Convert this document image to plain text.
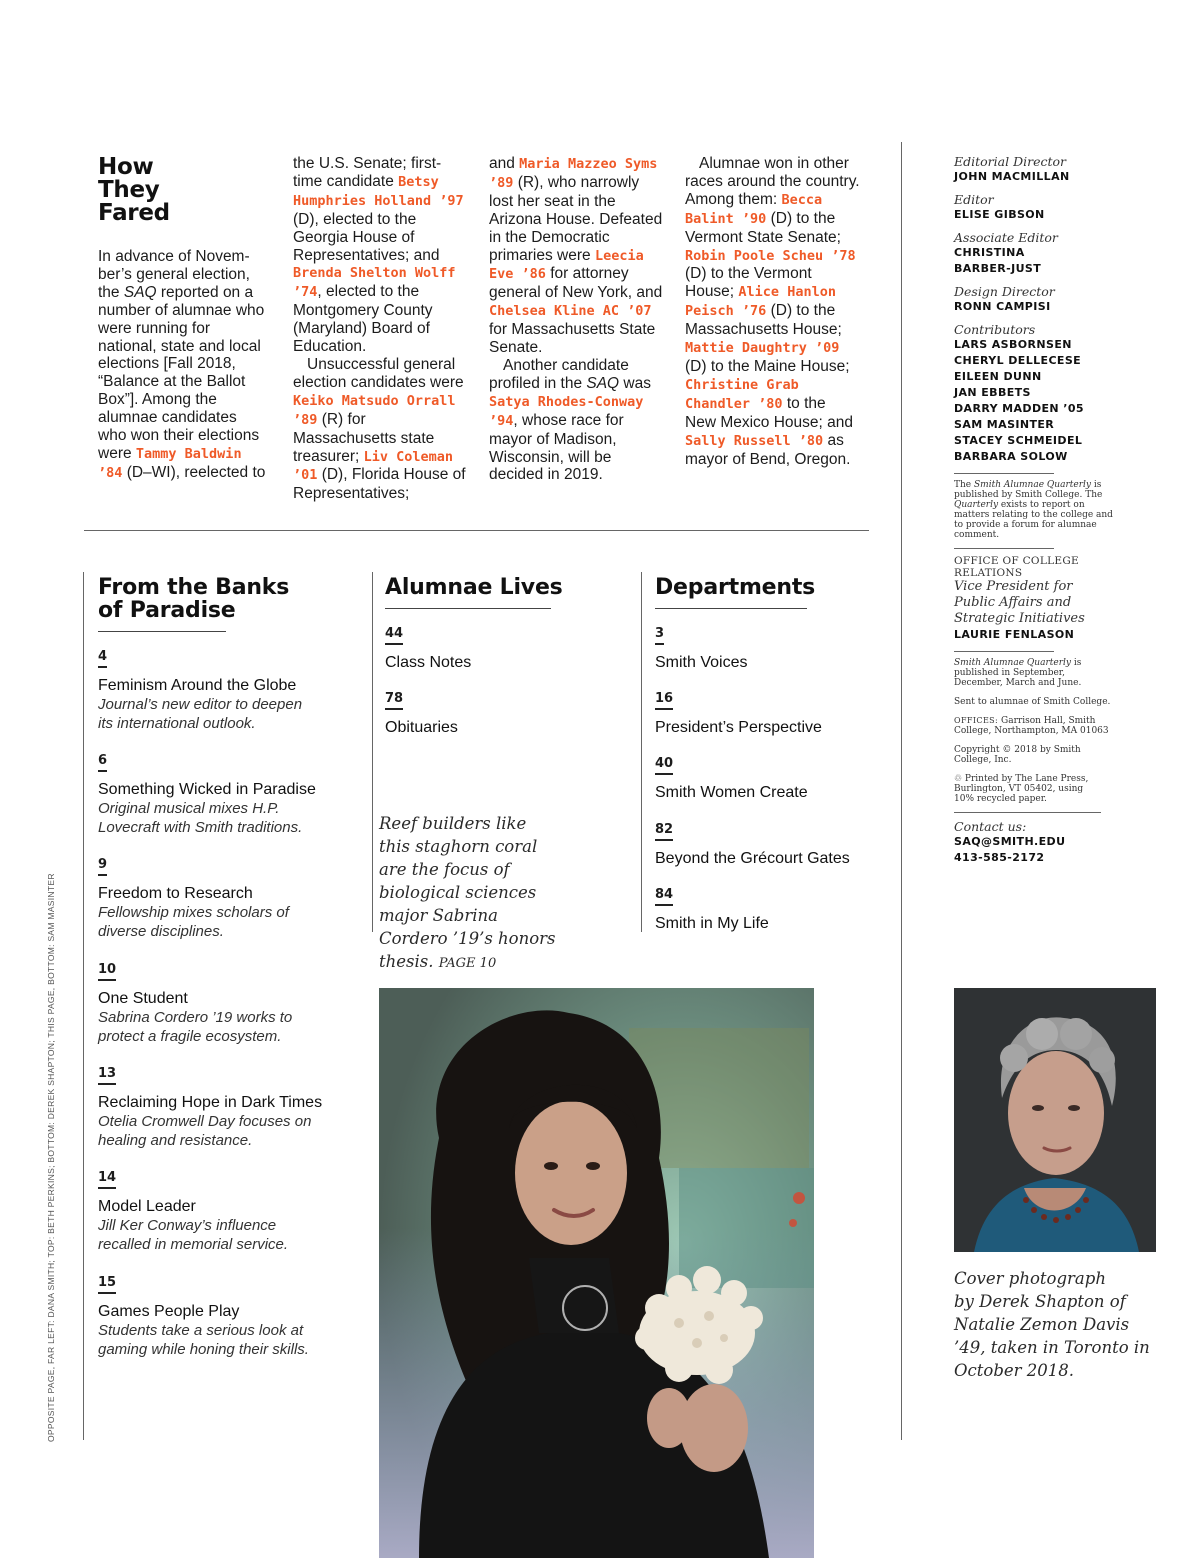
How
They
Fared

In advance of Novem-ber’s general election, the SAQ reported on a number of alumnae who were running for national, state and local elections [Fall 2018, “Balance at the Ballot Box”]. Among the alumnae candidates who won their elections were Tammy Baldwin ’84 (D–WI), reelected to

the U.S. Senate; first-time candidate Betsy Humphries Holland ’97 (D), elected to the Georgia House of Representatives; and Brenda Shelton Wolff ’74, elected to the Montgomery County (Maryland) Board of Education.

Unsuccessful general election candidates were Keiko Matsudo Orrall ’89 (R) for Massachusetts state treasurer; Liv Coleman ’01 (D), Florida House of Representatives;

and Maria Mazzeo Syms ’89 (R), who narrowly lost her seat in the Arizona House. Defeated in the Democratic primaries were Leecia Eve ’86 for attorney general of New York, and Chelsea Kline AC ’07 for Massachusetts State Senate.

Another candidate profiled in the SAQ was Satya Rhodes-Conway ’94, whose race for mayor of Madison, Wisconsin, will be decided in 2019.

Alumnae won in other races around the country. Among them: Becca Balint ’90 (D) to the Vermont State Senate; Robin Poole Scheu ’78 (D) to the Vermont House; Alice Hanlon Peisch ’76 (D) to the Massachusetts House; Mattie Daughtry ’09 (D) to the Maine House; Christine Grab Chandler ’80 to the New Mexico House; and Sally Russell ’80 as mayor of Bend, Oregon.

From the Banks
of Paradise
4
Feminism Around the Globe
Journal’s new editor to deepen
its international outlook.
6
Something Wicked in Paradise
Original musical mixes H.P.
Lovecraft with Smith traditions.
9
Freedom to Research
Fellowship mixes scholars of
diverse disciplines.
10
One Student
Sabrina Cordero ’19 works to
protect a fragile ecosystem.
13
Reclaiming Hope in Dark Times
Otelia Cromwell Day focuses on
healing and resistance.
14
Model Leader
Jill Ker Conway’s influence
recalled in memorial service.
15
Games People Play
Students take a serious look at
gaming while honing their skills.
Alumnae Lives
44
Class Notes
78
Obituaries
Departments
3
Smith Voices
16
President’s Perspective
40
Smith Women Create
82
Beyond the Grécourt Gates
84
Smith in My Life
Reef builders like
this staghorn coral
are the focus of
biological sciences
major Sabrina
Cordero ’19’s honors
thesis. PAGE 10
Cover photograph
by Derek Shapton of
Natalie Zemon Davis
’49, taken in Toronto in
October 2018.
Editorial Director
JOHN MACMILLAN
Editor
ELISE GIBSON
Associate Editor
CHRISTINA
BARBER-JUST
Design Director
RONN CAMPISI
Contributors
LARS ASBORNSEN
CHERYL DELLECESE
EILEEN DUNN
JAN EBBETS
DARRY MADDEN ’05
SAM MASINTER
STACEY SCHMEIDEL
BARBARA SOLOW
The Smith Alumnae Quarterly is published by Smith College. The Quarterly exists to report on matters relating to the college and to provide a forum for alumnae comment.
OFFICE OF COLLEGE
RELATIONS
Vice President for
Public Affairs and
Strategic Initiatives
LAURIE FENLASON
Smith Alumnae Quarterly is published in September, December, March and June.
Sent to alumnae of Smith College.
OFFICES: Garrison Hall, Smith College, Northampton, MA 01063
Copyright © 2018 by Smith College, Inc.
♲ Printed by The Lane Press, Burlington, VT 05402, using 10% recycled paper.
Contact us:
SAQ@SMITH.EDU
413-585-2172
OPPOSITE PAGE, FAR LEFT: DANA SMITH; TOP: BETH PERKINS; BOTTOM: DEREK SHAPTON; THIS PAGE, BOTTOM: SAM MASINTER
